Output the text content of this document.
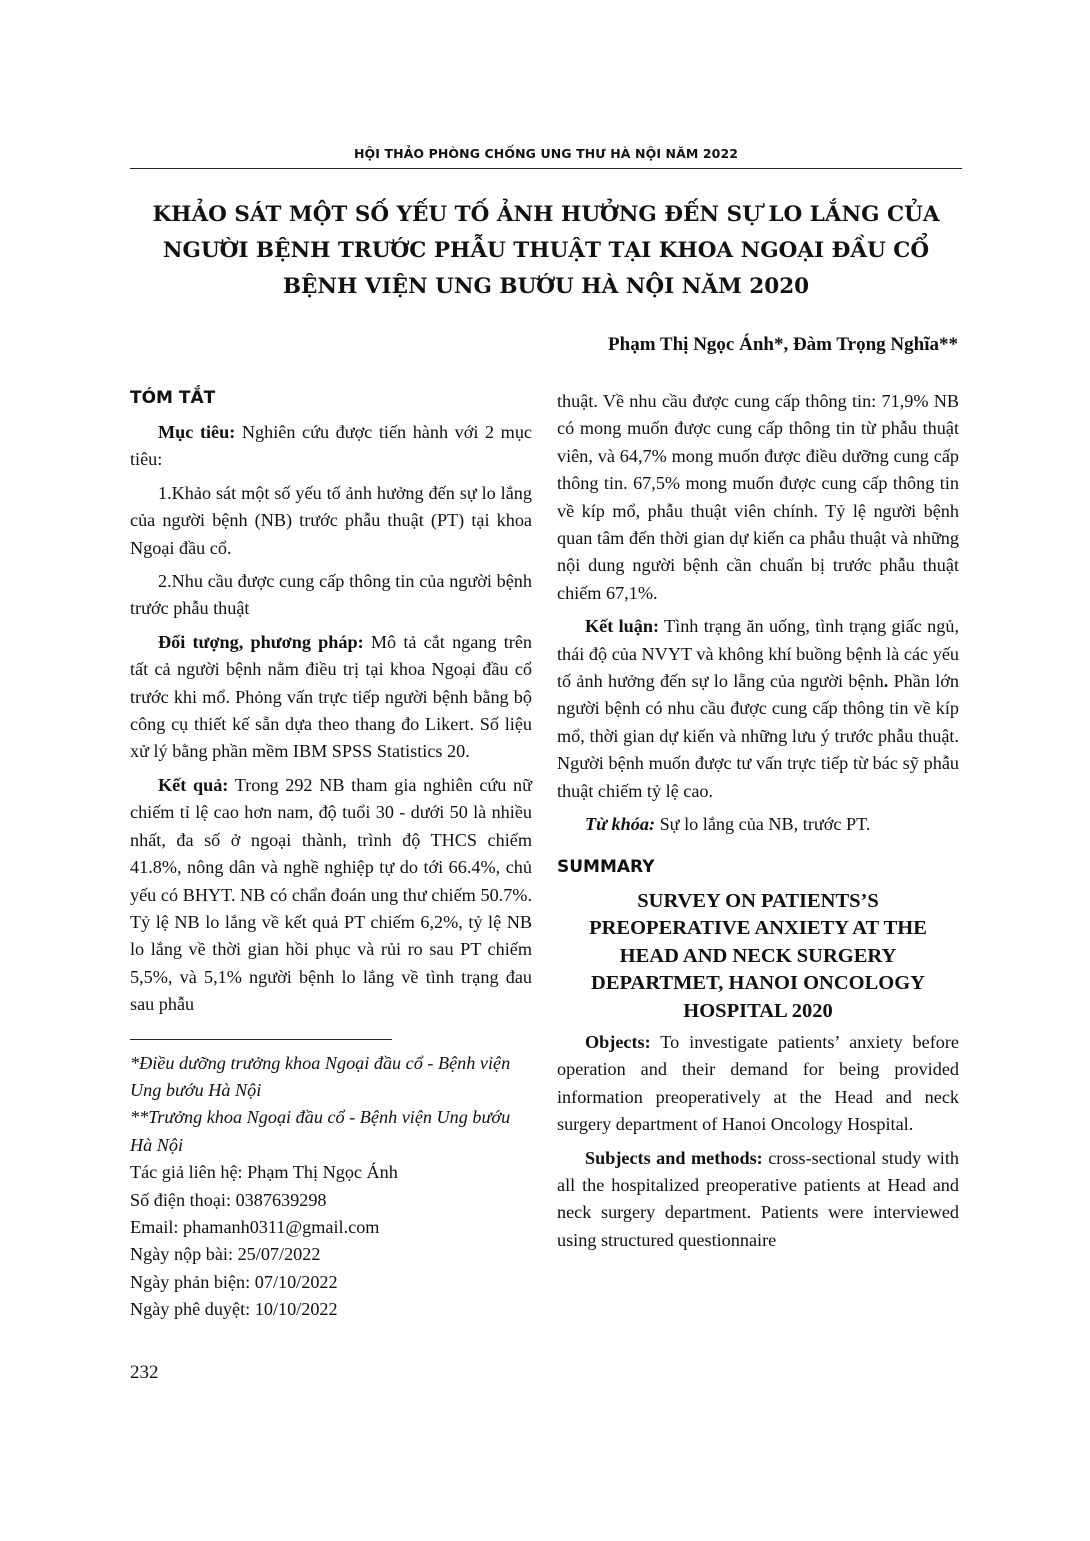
HỘI THẢO PHÒNG CHỐNG UNG THƯ HÀ NỘI NĂM 2022
KHẢO SÁT MỘT SỐ YẾU TỐ ẢNH HƯỞNG ĐẾN SỰ LO LẮNG CỦA
NGƯỜI BỆNH TRƯỚC PHẪU THUẬT TẠI KHOA NGOẠI ĐẦU CỔ
BỆNH VIỆN UNG BƯỚU HÀ NỘI NĂM 2020
Phạm Thị Ngọc Ánh*, Đàm Trọng Nghĩa**
TÓM TẮT

Mục tiêu: Nghiên cứu được tiến hành với 2 mục tiêu:

1.Khảo sát một số yếu tố ảnh hưởng đến sự lo lắng của người bệnh (NB) trước phẫu thuật (PT) tại khoa Ngoại đầu cổ.

2.Nhu cầu được cung cấp thông tin của người bệnh trước phẫu thuật

Đối tượng, phương pháp: Mô tả cắt ngang trên tất cả người bệnh nằm điều trị tại khoa Ngoại đầu cổ trước khi mổ. Phỏng vấn trực tiếp người bệnh bằng bộ công cụ thiết kế sẵn dựa theo thang đo Likert. Số liệu xử lý bằng phần mềm IBM SPSS Statistics 20.

Kết quả: Trong 292 NB tham gia nghiên cứu nữ chiếm tỉ lệ cao hơn nam, độ tuổi 30 - dưới 50 là nhiều nhất, đa số ở ngoại thành, trình độ THCS chiếm 41.8%, nông dân và nghề nghiệp tự do tới 66.4%, chủ yếu có BHYT. NB có chẩn đoán ung thư chiếm 50.7%. Tỷ lệ NB lo lắng về kết quả PT chiếm 6,2%, tỷ lệ NB lo lắng về thời gian hồi phục và rủi ro sau PT chiếm 5,5%, và 5,1% người bệnh lo lắng về tình trạng đau sau phẫu

*Điều dưỡng trưởng khoa Ngoại đầu cổ - Bệnh viện Ung bướu Hà Nội

**Trưởng khoa Ngoại đầu cổ - Bệnh viện Ung bướu Hà Nội

Tác giả liên hệ: Phạm Thị Ngọc Ánh

Số điện thoại: 0387639298

Email: phamanh0311@gmail.com

Ngày nộp bài: 25/07/2022

Ngày phản biện: 07/10/2022

Ngày phê duyệt: 10/10/2022

thuật. Về nhu cầu được cung cấp thông tin: 71,9% NB có mong muốn được cung cấp thông tin từ phẫu thuật viên, và 64,7% mong muốn được điều dưỡng cung cấp thông tin. 67,5% mong muốn được cung cấp thông tin về kíp mổ, phẫu thuật viên chính. Tỷ lệ người bệnh quan tâm đến thời gian dự kiến ca phẫu thuật và những nội dung người bệnh cần chuẩn bị trước phẫu thuật chiếm 67,1%.

Kết luận: Tình trạng ăn uống, tình trạng giấc ngủ, thái độ của NVYT và không khí buồng bệnh là các yếu tố ảnh hưởng đến sự lo lẵng của người bệnh. Phần lớn người bệnh có nhu cầu được cung cấp thông tin về kíp mổ, thời gian dự kiến và những lưu ý trước phẫu thuật. Người bệnh muốn được tư vấn trực tiếp từ bác sỹ phẫu thuật chiếm tỷ lệ cao.

Từ khóa: Sự lo lắng của NB, trước PT.

SUMMARY
SURVEY ON PATIENTS’S
PREOPERATIVE ANXIETY AT THE
HEAD AND NECK SURGERY
DEPARTMET, HANOI ONCOLOGY
HOSPITAL 2020

Objects: To investigate patients’ anxiety before operation and their demand for being provided information preoperatively at the Head and neck surgery department of Hanoi Oncology Hospital.

Subjects and methods: cross-sectional study with all the hospitalized preoperative patients at Head and neck surgery department. Patients were interviewed using structured questionnaire

232
